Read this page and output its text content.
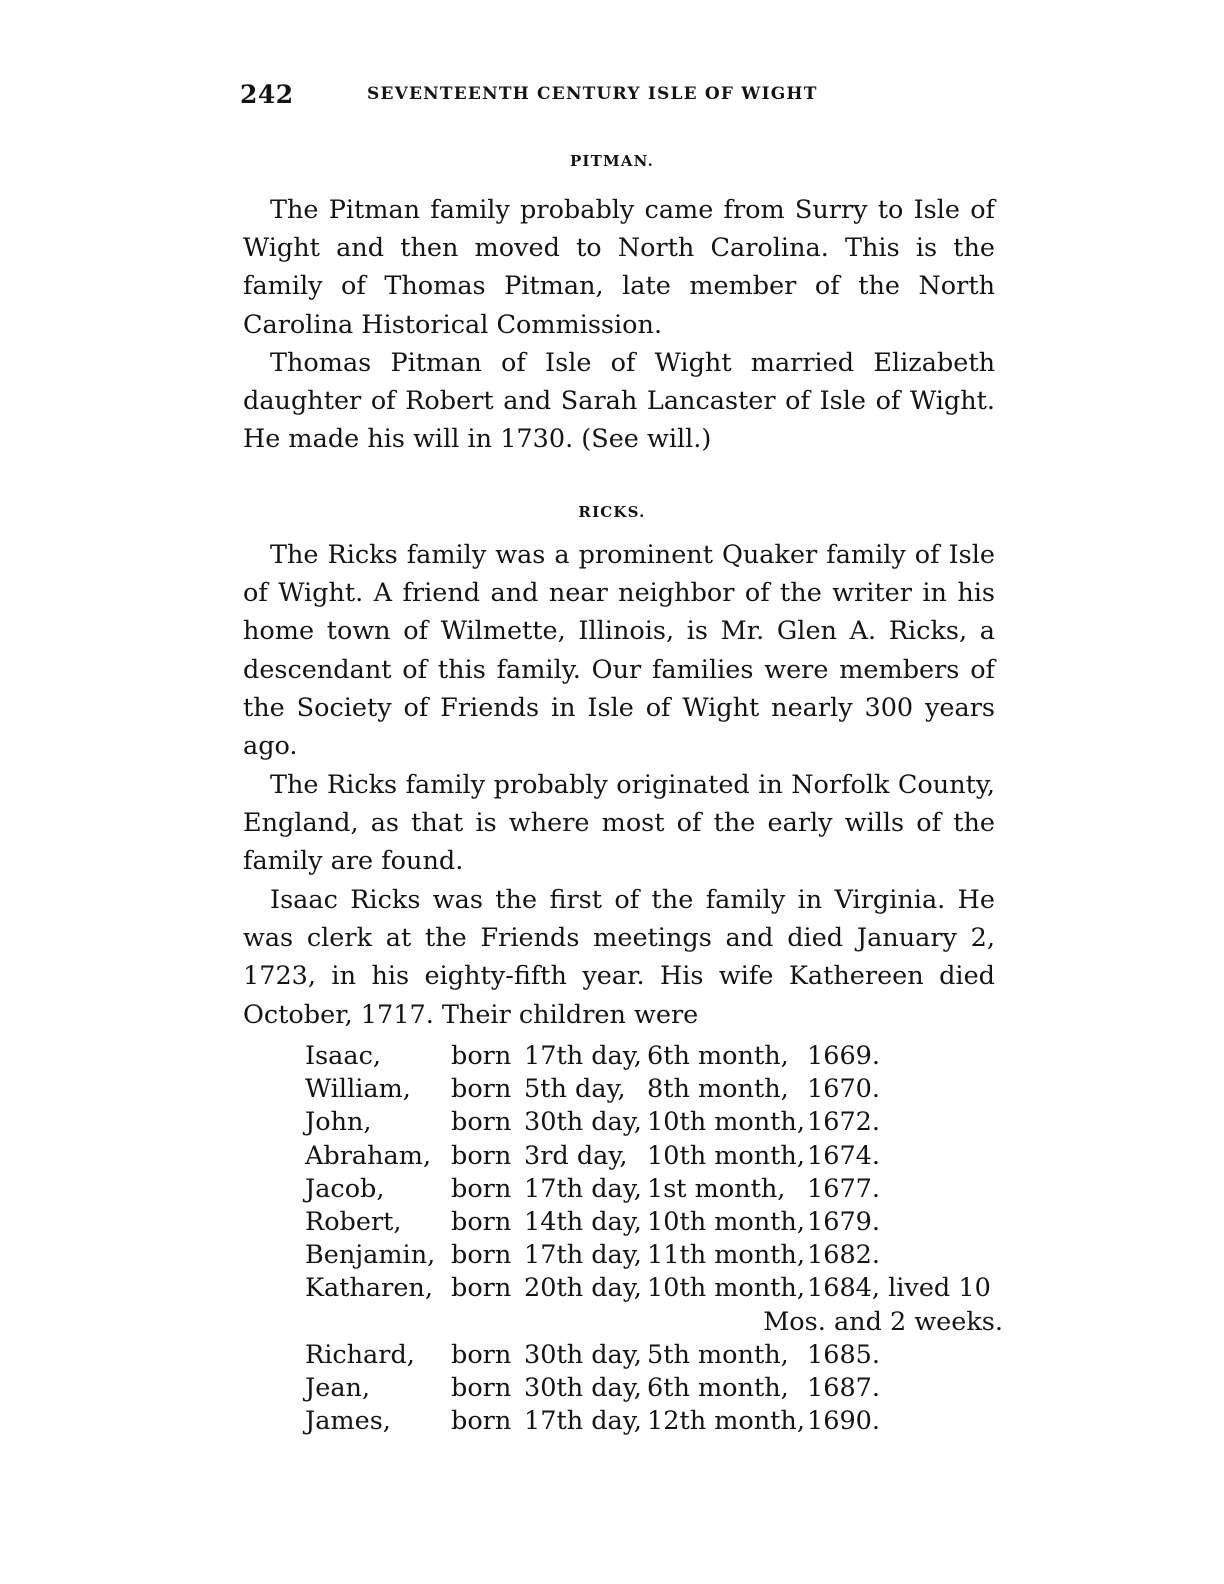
242	SEVENTEENTH CENTURY ISLE OF WIGHT
PITMAN.

The Pitman family probably came from Surry to Isle of Wight and then moved to North Carolina. This is the family of Thomas Pitman, late member of the North Carolina Historical Commission.

Thomas Pitman of Isle of Wight married Elizabeth daughter of Robert and Sarah Lancaster of Isle of Wight. He made his will in 1730. (See will.)

RICKS.

The Ricks family was a prominent Quaker family of Isle of Wight. A friend and near neighbor of the writer in his home town of Wilmette, Illinois, is Mr. Glen A. Ricks, a descendant of this family. Our families were members of the Society of Friends in Isle of Wight nearly 300 years ago.

The Ricks family probably originated in Norfolk County, England, as that is where most of the early wills of the family are found.

Isaac Ricks was the first of the family in Virginia. He was clerk at the Friends meetings and died January 2, 1723, in his eighty-fifth year. His wife Kathereen died October, 1717. Their children were

Isaac,	born 17th day, 6th month, 1669.
William,	born 5th day, 8th month, 1670.
John,	born 30th day, 10th month, 1672.
Abraham, born 3rd day, 10th month, 1674.
Jacob,	born 17th day, 1st month, 1677.
Robert,	born 14th day, 10th month, 1679.
Benjamin, born 17th day, 11th month, 1682.
Katharen, born 20th day, 10th month, 1684, lived 10
Mos. and 2 weeks.
Richard,	born 30th day, 5th month, 1685.
Jean,	born 30th day, 6th month, 1687.
James,	born 17th day, 12th month, 1690.
